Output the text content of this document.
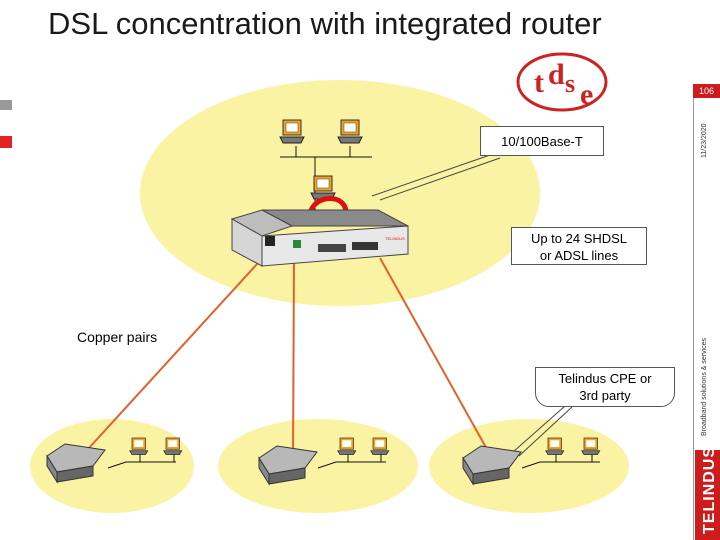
DSL concentration with integrated router
t d s e
TELINDUS
10/100Base-T
Up to 24 SHDSL
or ADSL lines
Copper pairs
Telindus CPE or
3rd party
106
11/23/2020
Broadband solutions & services
TELINDUS
